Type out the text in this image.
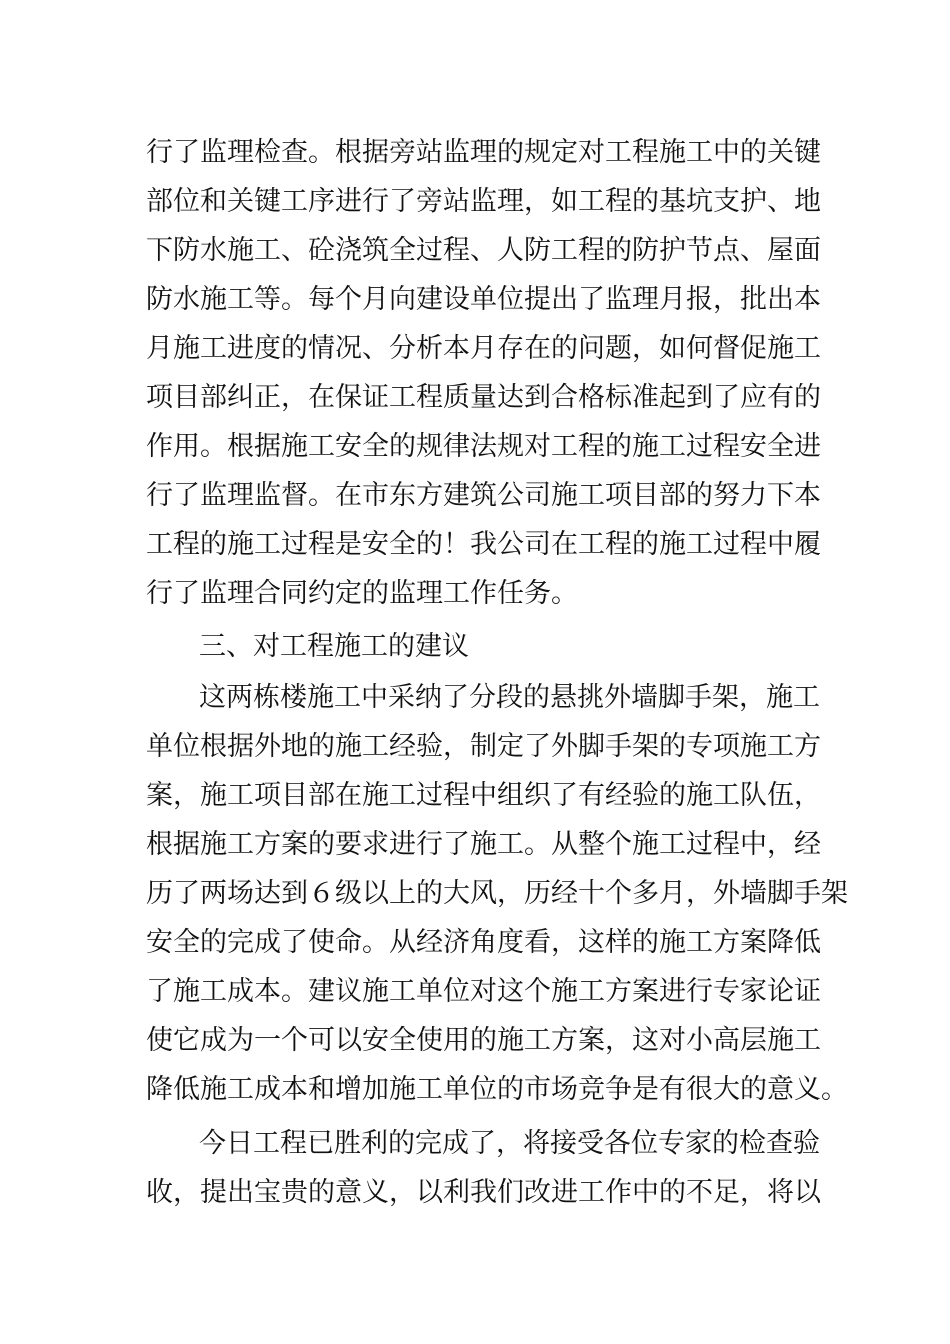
行了监理检查。根据旁站监理的规定对工程施工中的关键
部位和关键工序进行了旁站监理，如工程的基坑支护、地
下防水施工、砼浇筑全过程、人防工程的防护节点、屋面
防水施工等。每个月向建设单位提出了监理月报，批出本
月施工进度的情况、分析本月存在的问题，如何督促施工
项目部纠正，在保证工程质量达到合格标准起到了应有的
作用。根据施工安全的规律法规对工程的施工过程安全进
行了监理监督。在市东方建筑公司施工项目部的努力下本
工程的施工过程是安全的！我公司在工程的施工过程中履
行了监理合同约定的监理工作任务。
三、对工程施工的建议
这两栋楼施工中采纳了分段的悬挑外墙脚手架，施工
单位根据外地的施工经验，制定了外脚手架的专项施工方
案，施工项目部在施工过程中组织了有经验的施工队伍，
根据施工方案的要求进行了施工。从整个施工过程中，经
历了两场达到６级以上的大风，历经十个多月，外墙脚手架
安全的完成了使命。从经济角度看，这样的施工方案降低
了施工成本。建议施工单位对这个施工方案进行专家论证
使它成为一个可以安全使用的施工方案，这对小高层施工
降低施工成本和增加施工单位的市场竞争是有很大的意义。
今日工程已胜利的完成了，将接受各位专家的检查验
收，提出宝贵的意义，以利我们改进工作中的不足，将以
